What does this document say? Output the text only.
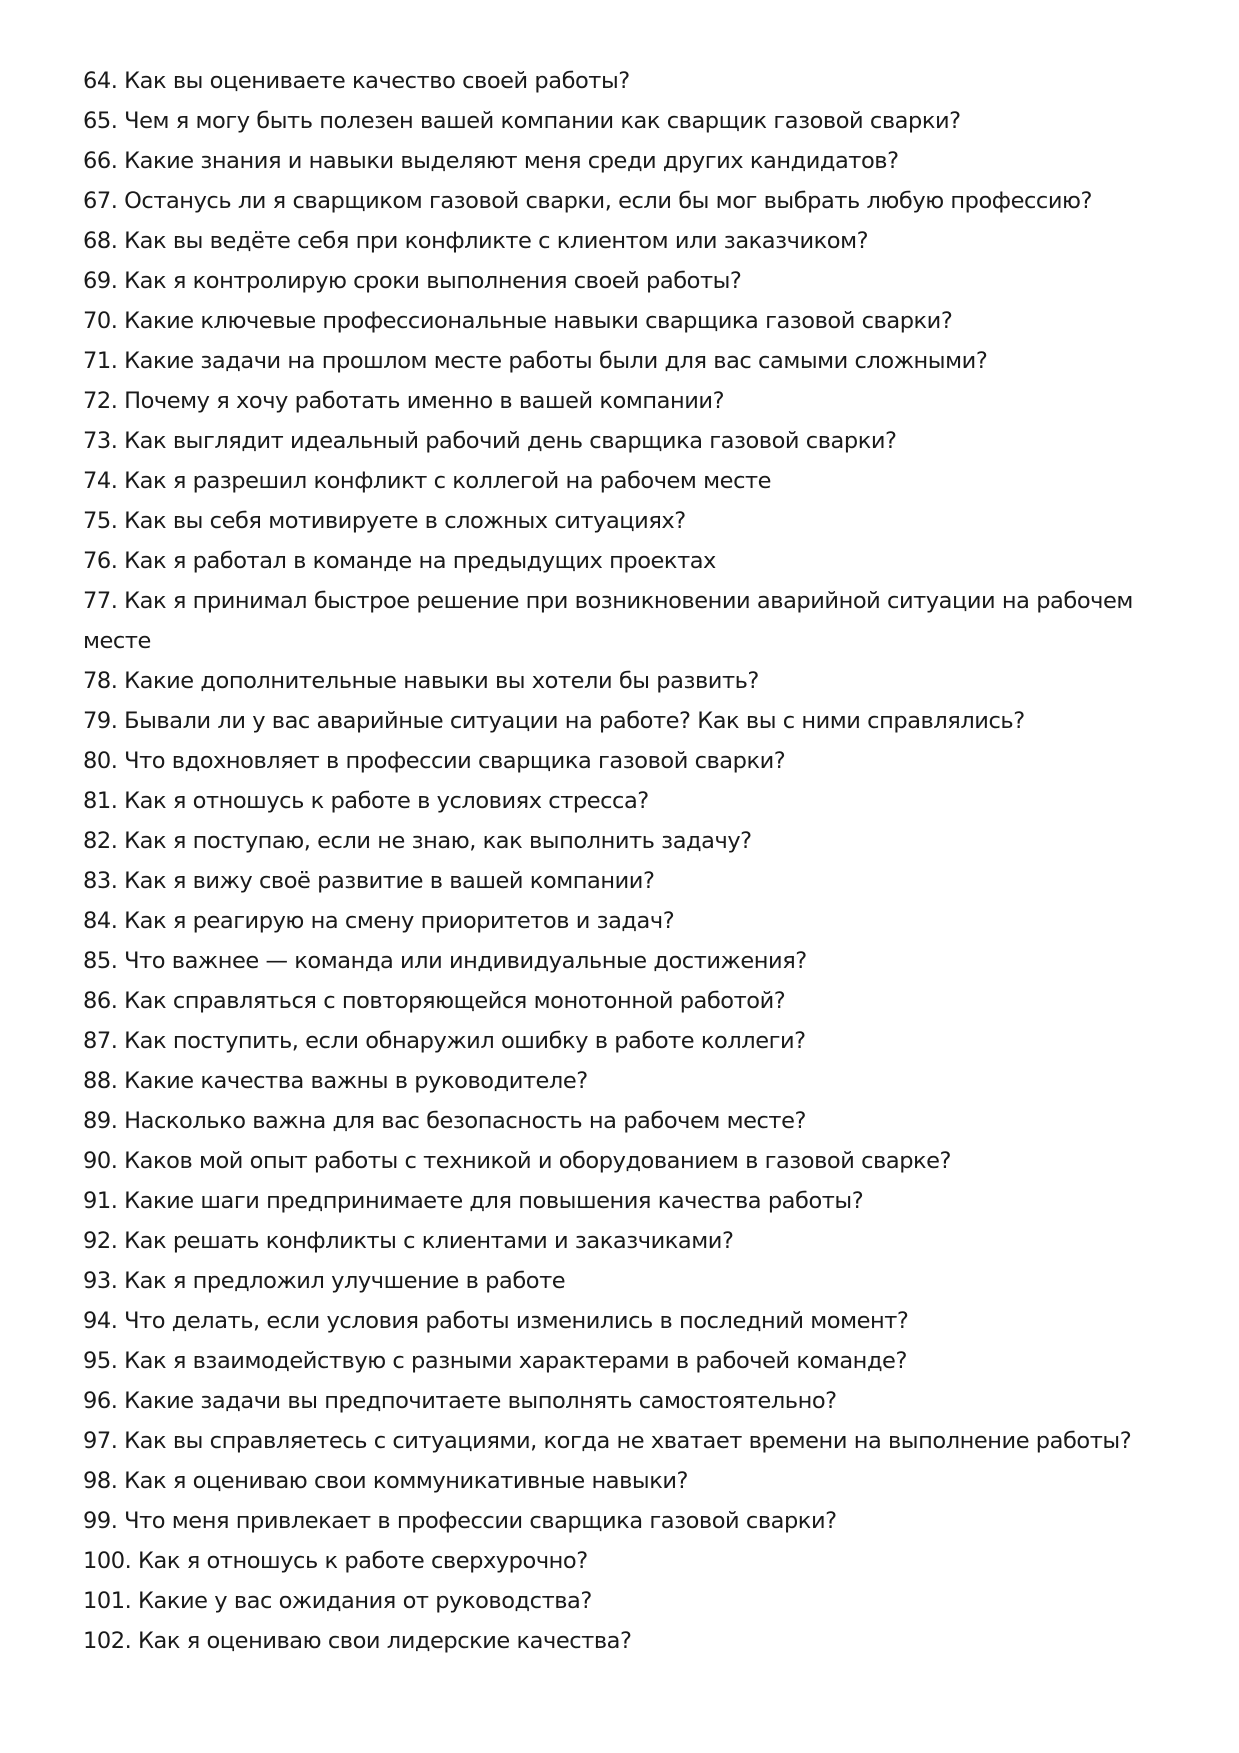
64. Как вы оцениваете качество своей работы?
65. Чем я могу быть полезен вашей компании как сварщик газовой сварки?
66. Какие знания и навыки выделяют меня среди других кандидатов?
67. Останусь ли я сварщиком газовой сварки, если бы мог выбрать любую профессию?
68. Как вы ведёте себя при конфликте с клиентом или заказчиком?
69. Как я контролирую сроки выполнения своей работы?
70. Какие ключевые профессиональные навыки сварщика газовой сварки?
71. Какие задачи на прошлом месте работы были для вас самыми сложными?
72. Почему я хочу работать именно в вашей компании?
73. Как выглядит идеальный рабочий день сварщика газовой сварки?
74. Как я разрешил конфликт с коллегой на рабочем месте
75. Как вы себя мотивируете в сложных ситуациях?
76. Как я работал в команде на предыдущих проектах
77. Как я принимал быстрое решение при возникновении аварийной ситуации на рабочем месте
78. Какие дополнительные навыки вы хотели бы развить?
79. Бывали ли у вас аварийные ситуации на работе? Как вы с ними справлялись?
80. Что вдохновляет в профессии сварщика газовой сварки?
81. Как я отношусь к работе в условиях стресса?
82. Как я поступаю, если не знаю, как выполнить задачу?
83. Как я вижу своё развитие в вашей компании?
84. Как я реагирую на смену приоритетов и задач?
85. Что важнее — команда или индивидуальные достижения?
86. Как справляться с повторяющейся монотонной работой?
87. Как поступить, если обнаружил ошибку в работе коллеги?
88. Какие качества важны в руководителе?
89. Насколько важна для вас безопасность на рабочем месте?
90. Каков мой опыт работы с техникой и оборудованием в газовой сварке?
91. Какие шаги предпринимаете для повышения качества работы?
92. Как решать конфликты с клиентами и заказчиками?
93. Как я предложил улучшение в работе
94. Что делать, если условия работы изменились в последний момент?
95. Как я взаимодействую с разными характерами в рабочей команде?
96. Какие задачи вы предпочитаете выполнять самостоятельно?
97. Как вы справляетесь с ситуациями, когда не хватает времени на выполнение работы?
98. Как я оцениваю свои коммуникативные навыки?
99. Что меня привлекает в профессии сварщика газовой сварки?
100. Как я отношусь к работе сверхурочно?
101. Какие у вас ожидания от руководства?
102. Как я оцениваю свои лидерские качества?
